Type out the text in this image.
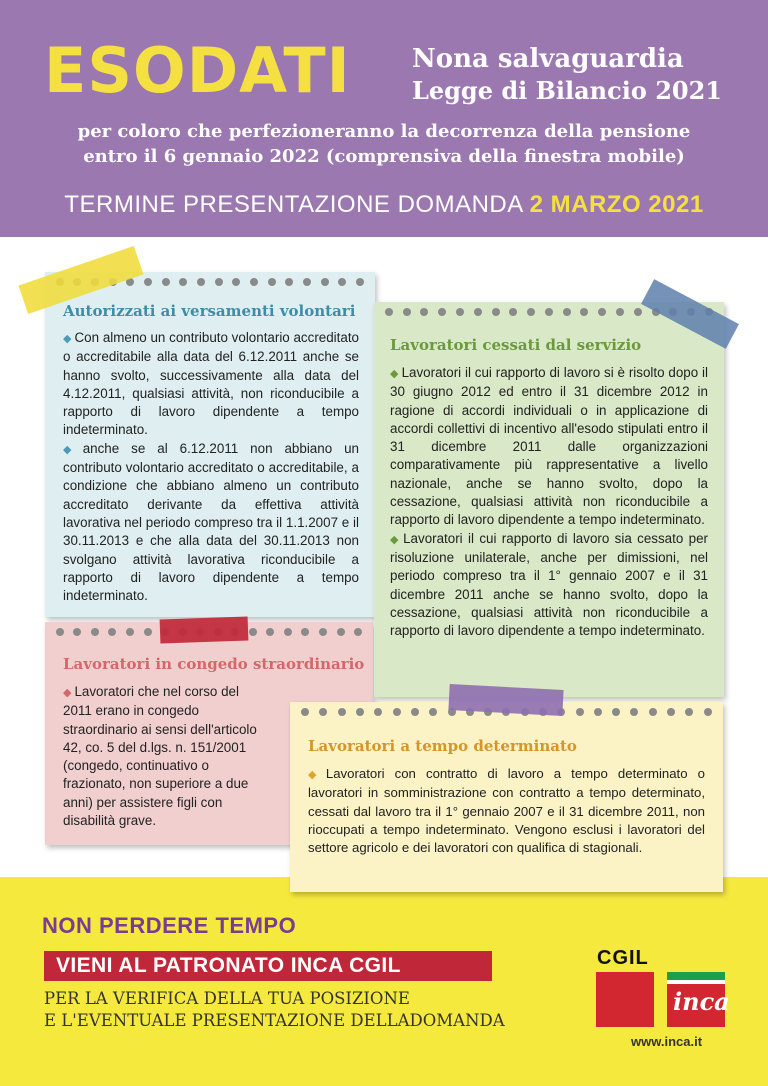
ESODATI Nona salvaguardia
Legge di Bilancio 2021
per coloro che perfezioneranno la decorrenza della pensione
entro il 6 gennaio 2022 (comprensiva della finestra mobile)
TERMINE PRESENTAZIONE DOMANDA 2 MARZO 2021
Autorizzati ai versamenti volontari

◆ Con almeno un contributo volontario accreditato o accreditabile alla data del 6.12.2011 anche se hanno svolto, successivamente alla data del 4.12.2011, qualsiasi attività, non riconducibile a rapporto di lavoro dipendente a tempo indeterminato.

◆ anche se al 6.12.2011 non abbiano un contributo volontario accreditato o accreditabile, a condizione che abbiano almeno un contributo accreditato derivante da effettiva attività lavorativa nel periodo compreso tra il 1.1.2007 e il 30.11.2013 e che alla data del 30.11.2013 non svolgano attività lavorativa riconducibile a rapporto di lavoro dipendente a tempo indeterminato.

Lavoratori in congedo straordinario

◆ Lavoratori che nel corso del 2011 erano in congedo straordinario ai sensi dell'articolo 42, co. 5 del d.lgs. n. 151/2001 (congedo, continuativo o frazionato, non superiore a due anni) per assistere figli con disabilità grave.

Lavoratori cessati dal servizio

◆ Lavoratori il cui rapporto di lavoro si è risolto dopo il 30 giugno 2012 ed entro il 31 dicembre 2012 in ragione di accordi individuali o in applicazione di accordi collettivi di incentivo all'esodo stipulati entro il 31 dicembre 2011 dalle organizzazioni comparativamente più rappresentative a livello nazionale, anche se hanno svolto, dopo la cessazione, qualsiasi attività non riconducibile a rapporto di lavoro dipendente a tempo indeterminato.

◆ Lavoratori il cui rapporto di lavoro sia cessato per risoluzione unilaterale, anche per dimissioni, nel periodo compreso tra il 1° gennaio 2007 e il 31 dicembre 2011 anche se hanno svolto, dopo la cessazione, qualsiasi attività non riconducibile a rapporto di lavoro dipendente a tempo indeterminato.

Lavoratori a tempo determinato

◆ Lavoratori con contratto di lavoro a tempo determinato o lavoratori in somministrazione con contratto a tempo determinato, cessati dal lavoro tra il 1° gennaio 2007 e il 31 dicembre 2011, non rioccupati a tempo indeterminato. Vengono esclusi i lavoratori del settore agricolo e dei lavoratori con qualifica di stagionali.

NON PERDERE TEMPO
VIENI AL PATRONATO INCA CGIL
PER LA VERIFICA DELLA TUA POSIZIONE
E L'EVENTUALE PRESENTAZIONE DELLADOMANDA
CGIL
inca
www.inca.it
